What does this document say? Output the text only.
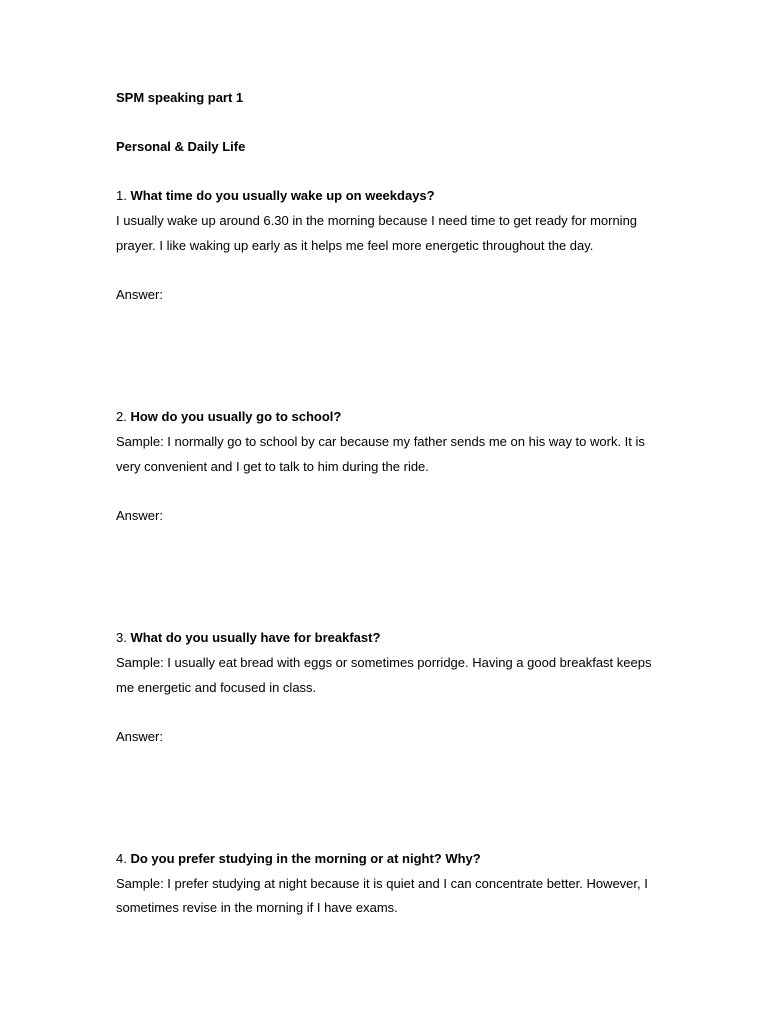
SPM speaking part 1

Personal & Daily Life

1. What time do you usually wake up on weekdays?

I usually wake up around 6.30 in the morning because I need time to get ready for morning

prayer. I like waking up early as it helps me feel more energetic throughout the day.

Answer:

2. How do you usually go to school?

Sample: I normally go to school by car because my father sends me on his way to work. It is

very convenient and I get to talk to him during the ride.

Answer:

3. What do you usually have for breakfast?

Sample: I usually eat bread with eggs or sometimes porridge. Having a good breakfast keeps

me energetic and focused in class.

Answer:

4. Do you prefer studying in the morning or at night? Why?

Sample: I prefer studying at night because it is quiet and I can concentrate better. However, I

sometimes revise in the morning if I have exams.
